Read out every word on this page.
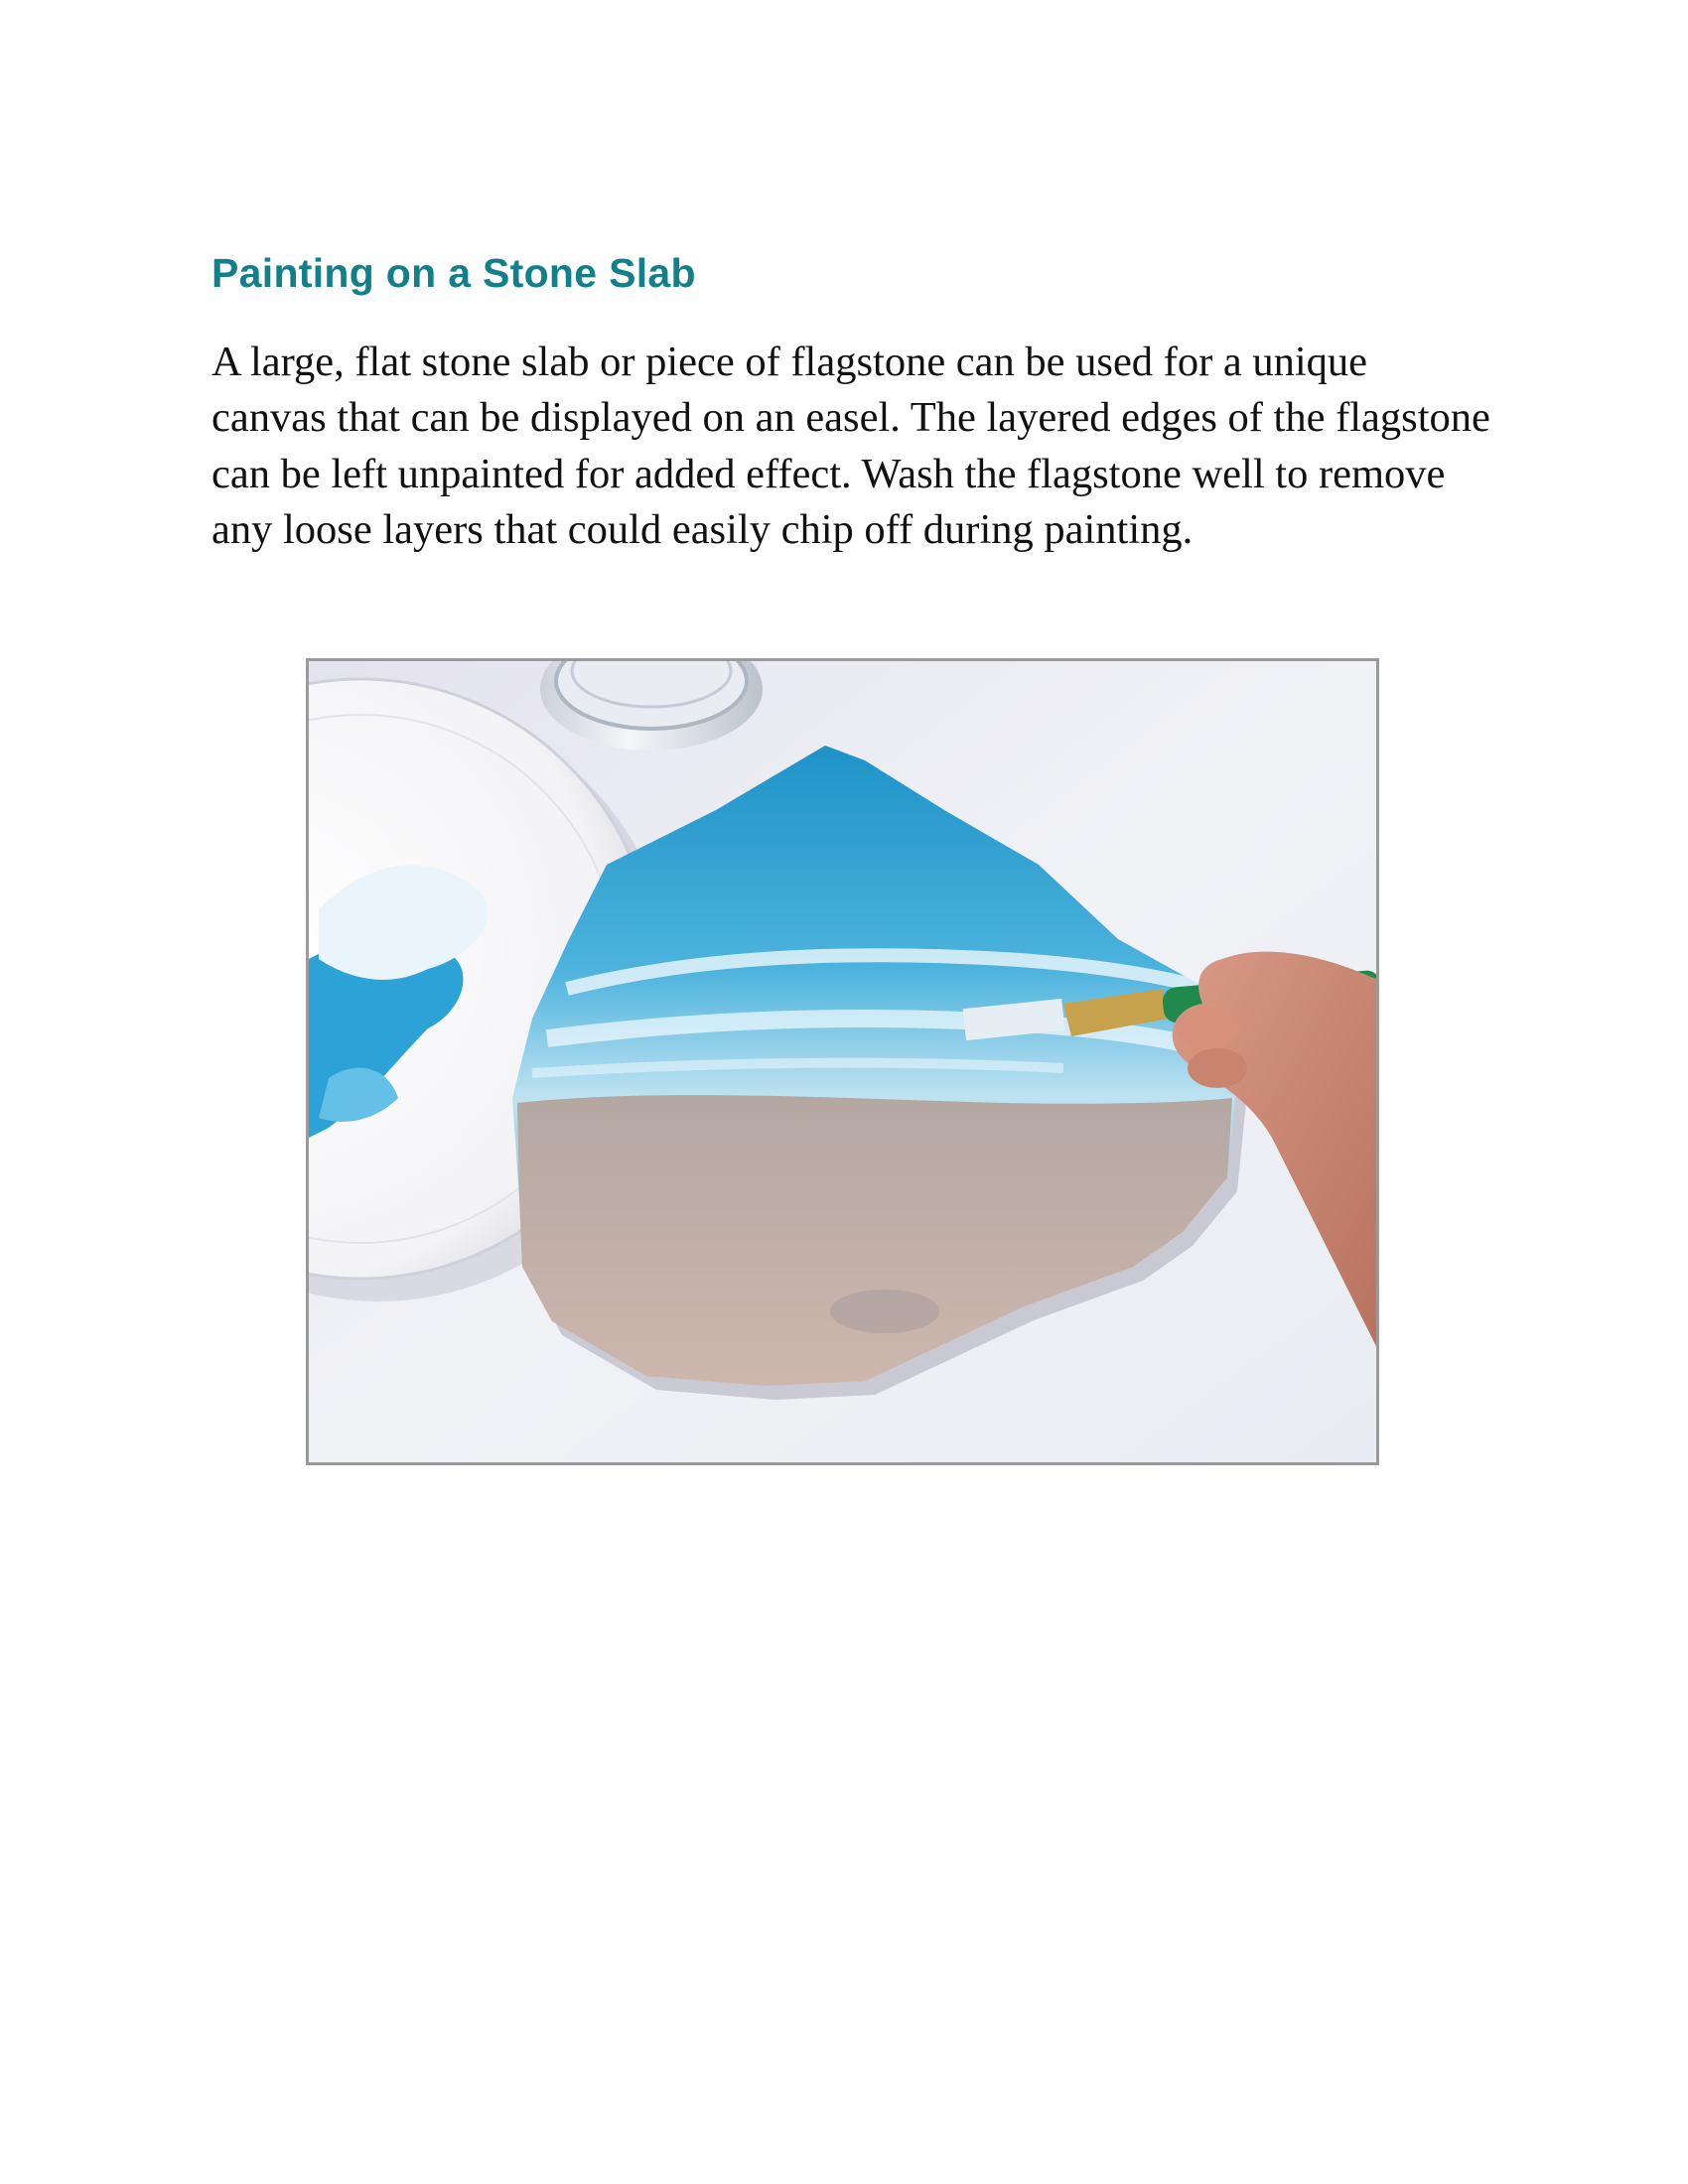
Painting on a Stone Slab

A large, flat stone slab or piece of flagstone can be used for a unique canvas that can be displayed on an easel. The layered edges of the flagstone can be left unpainted for added effect. Wash the flagstone well to remove any loose layers that could easily chip off during painting.
